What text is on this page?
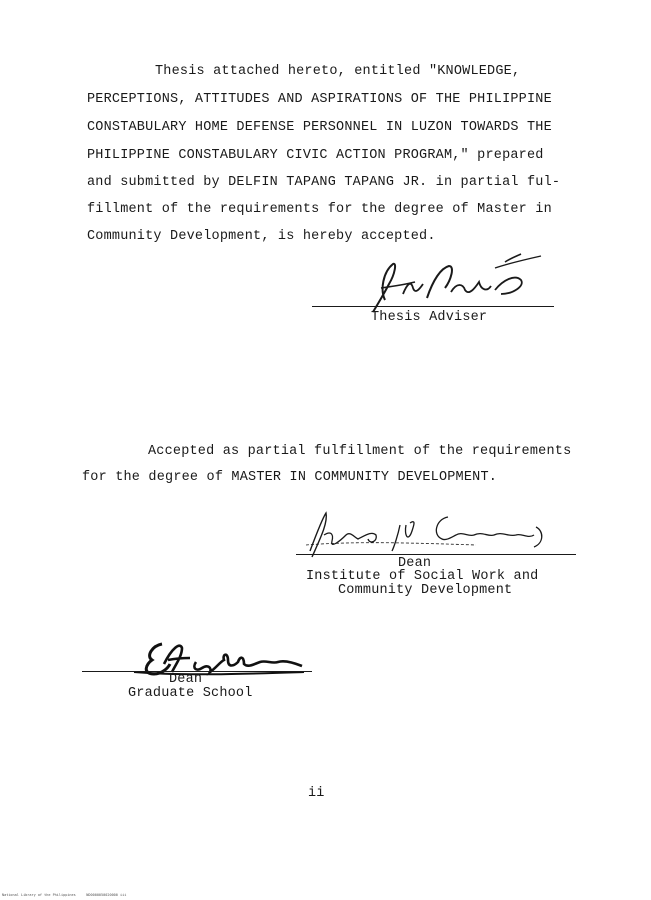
Thesis attached hereto, entitled "KNOWLEDGE,
PERCEPTIONS, ATTITUDES AND ASPIRATIONS OF THE PHILIPPINE
CONSTABULARY HOME DEFENSE PERSONNEL IN LUZON TOWARDS THE
PHILIPPINE CONSTABULARY CIVIC ACTION PROGRAM," prepared
and submitted by DELFIN TAPANG TAPANG JR. in partial ful-
fillment of the requirements for the degree of Master in
Community Development, is hereby accepted.
Thesis Adviser
Accepted as partial fulfillment of the requirements
for the degree of MASTER IN COMMUNITY DEVELOPMENT.
Dean
Institute of Social Work and
Community Development
Dean
Graduate School
ii
National Library of the Philippines     ND0000050020000 iii
